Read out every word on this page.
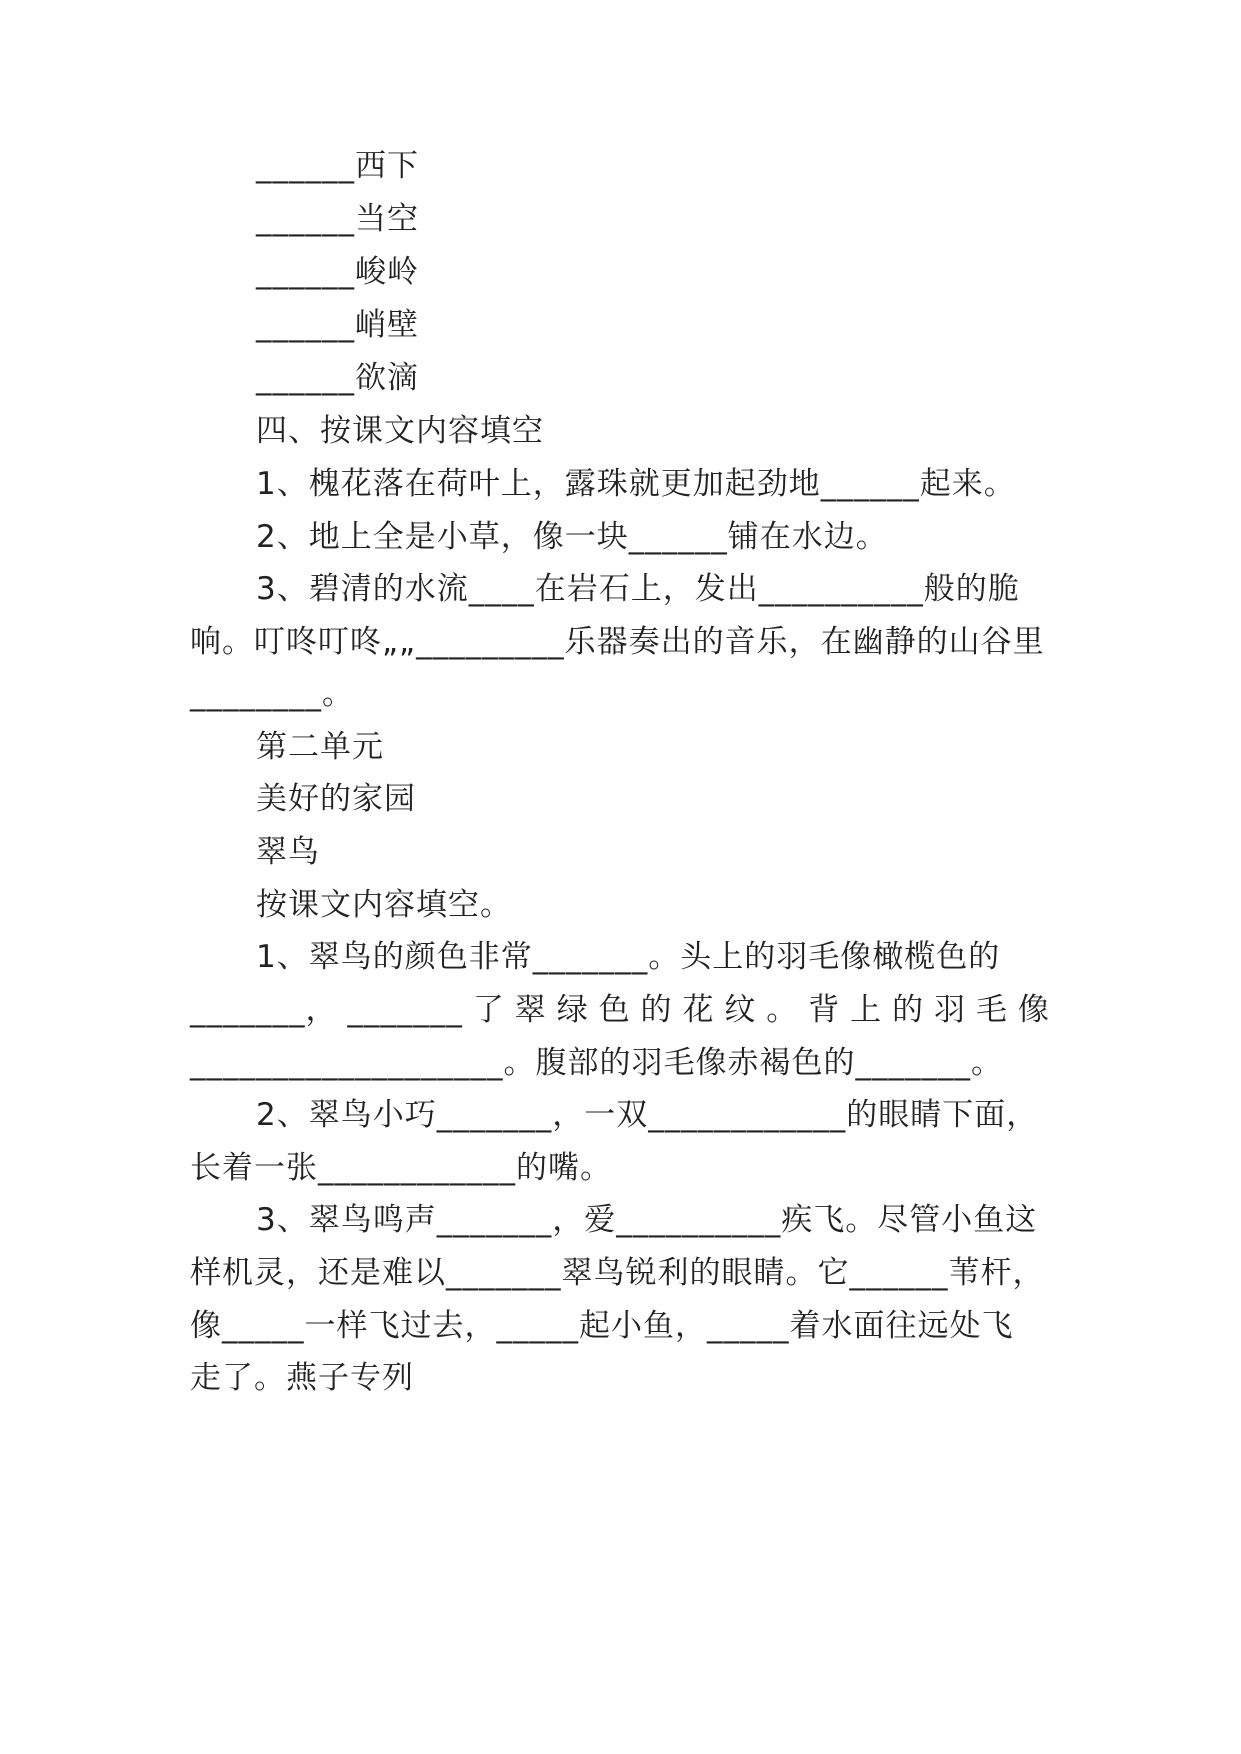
______西下
______当空
______峻岭
______峭壁
______欲滴
四、按课文内容填空
1、槐花落在荷叶上，露珠就更加起劲地______起来。
2、地上全是小草，像一块______铺在水边。
3、碧清的水流____在岩石上，发出__________般的脆
响。叮咚叮咚„„_________乐器奏出的音乐，在幽静的山谷里
________。
第二单元
美好的家园
翠鸟
按课文内容填空。
1、翠鸟的颜色非常_______。头上的羽毛像橄榄色的
_______， _______ 了 翠 绿 色 的 花 纹 。 背 上 的 羽 毛 像
___________________。腹部的羽毛像赤褐色的_______。
2、翠鸟小巧_______，一双____________的眼睛下面，
长着一张____________的嘴。
3、翠鸟鸣声_______，爱__________疾飞。尽管小鱼这
样机灵，还是难以_______翠鸟锐利的眼睛。它______苇杆，
像_____一样飞过去，_____起小鱼，_____着水面往远处飞
走了。燕子专列
